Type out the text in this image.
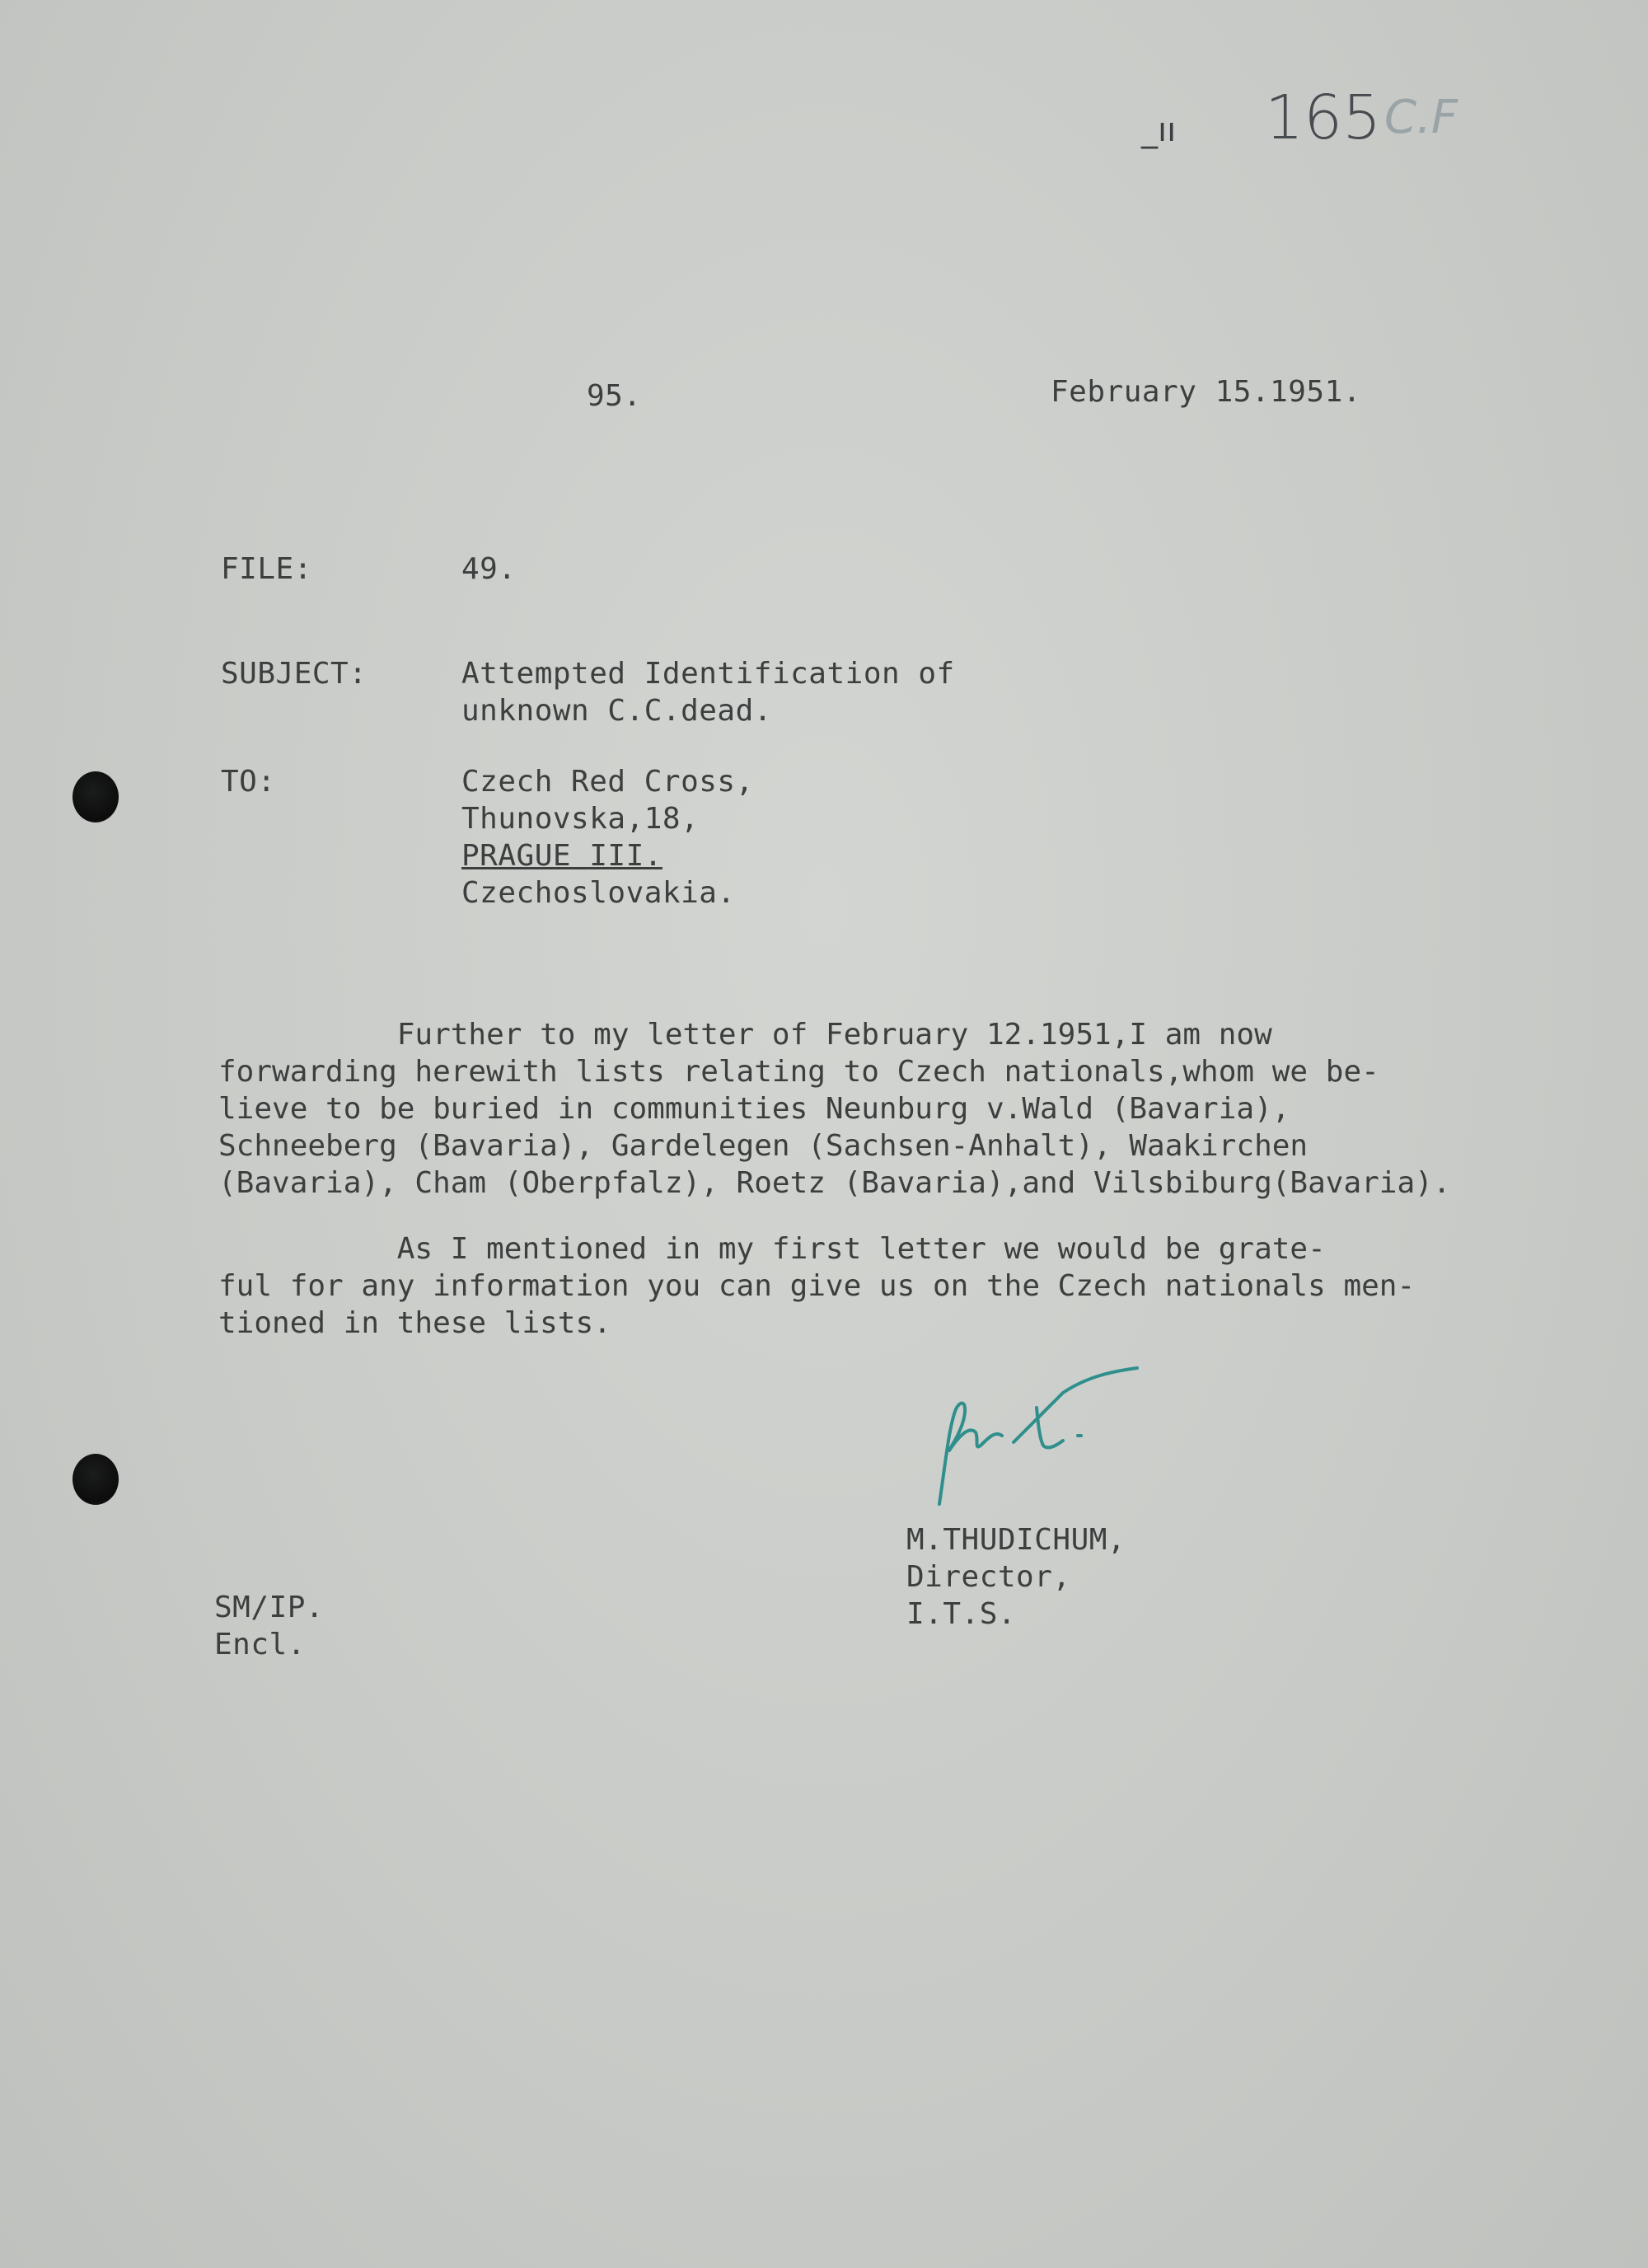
_ıı 165 C.F
95.	February 15.1951.
FILE:	49.
SUBJECT:	Attempted Identification of
unknown C.C.dead.
TO:	Czech Red Cross,
Thunovska,18,
PRAGUE III.
Czechoslovakia.
Further to my letter of February 12.1951,I am now
forwarding herewith lists relating to Czech nationals,whom we be-
lieve to be buried in communities Neunburg v.Wald (Bavaria),
Schneeberg (Bavaria), Gardelegen (Sachsen-Anhalt), Waakirchen
(Bavaria), Cham (Oberpfalz), Roetz (Bavaria),and Vilsbiburg(Bavaria).
As I mentioned in my first letter we would be grate-
ful for any information you can give us on the Czech nationals men-
tioned in these lists.
M.THUDICHUM,
Director,
I.T.S.
SM/IP.
Encl.
